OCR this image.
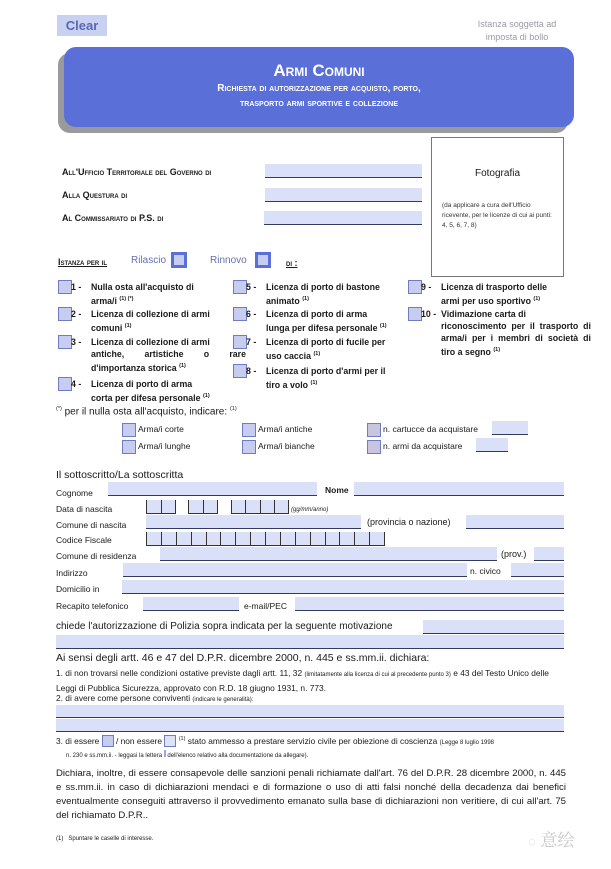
Clear	Istanza soggetta ad imposta di bollo
Armi Comuni

Richiesta di autorizzazione per acquisto, porto,

trasporto armi sportive e collezione

Fotografia
(da applicare a cura dell'Ufficio ricevente, per le licenze di cui ai punti: 4, 5, 6, 7, 8)
All'Ufficio Territoriale del Governo di
Alla Questura di
Al Commissariato di P.S. di
Istanza per il Rilascio	Rinnovo	di :
1 - Nulla osta all'acquisto di
arma/i $^{(1) (*)}$
2 - Licenza di collezione di armi
comuni $^{(1)}$
3 - Licenza di collezione di armi
antiche, artistiche o rare d'importanza storica $^{(1)}$
4 - Licenza di porto di arma
corta per difesa personale $^{(1)}$
5 - Licenza di porto di bastone
animato $^{(1)}$
6 - Licenza di porto di arma
lunga per difesa personale $^{(1)}$
7 - Licenza di porto di fucile per
uso caccia $^{(1)}$
8 - Licenza di porto d'armi per il
tiro a volo $^{(1)}$
9 - Licenza di trasporto delle
armi per uso sportivo $^{(1)}$
10 - Vidimazione carta di
riconoscimento per il trasporto di arma/i per i membri di società di tiro a segno $^{(1)}$
(*) per il nulla osta all'acquisto, indicare: $^{(1)}$
Arma/i corte
Arma/i lunghe
Arma/i antiche
Arma/i bianche
n. cartucce da acquistare
n. armi da acquistare
Il sottoscritto/La sottoscritta
Cognome	Nome
Data di nascita	(gg/mm/anno)
Comune di nascita	(provincia o nazione)
Codice Fiscale
Comune di residenza	(prov.)
Indirizzo	n. civico
Domicilio in
Recapito telefonico	e-mail/PEC
chiede l'autorizzazione di Polizia sopra indicata per la seguente motivazione
Ai sensi degli artt. 46 e 47 del D.P.R. dicembre 2000, n. 445 e ss.mm.ii. dichiara:
1. di non trovarsi nelle condizioni ostative previste dagli artt. 11, 32 (limitatamente alla licenza di cui al precedente punto 3) e 43 del Testo Unico delle Leggi di Pubblica Sicurezza, approvato con R.D. 18 giugno 1931, n. 773.
2. di avere come persone conviventi (indicare le generalità):
3. di essere / non essere	$^{(1)}$ stato ammesso a prestare servizio civile per obiezione di coscienza (Legge 8 luglio 1998
n. 230 e ss.mm.ii. - leggasi la lettera dell'elenco relativo alla documentazione da allegare).
Dichiara, inoltre, di essere consapevole delle sanzioni penali richiamate dall'art. 76 del D.P.R. 28 dicembre 2000, n. 445 e ss.mm.ii. in caso di dichiarazioni mendaci e di formazione o uso di atti falsi nonché della decadenza dai benefici eventualmente conseguiti attraverso il provvedimento emanato sulla base di dichiarazioni non veritiere, di cui all'art. 75 del richiamato D.P.R..
(1) Spuntare le caselle di interesse.	◌ 意绘
